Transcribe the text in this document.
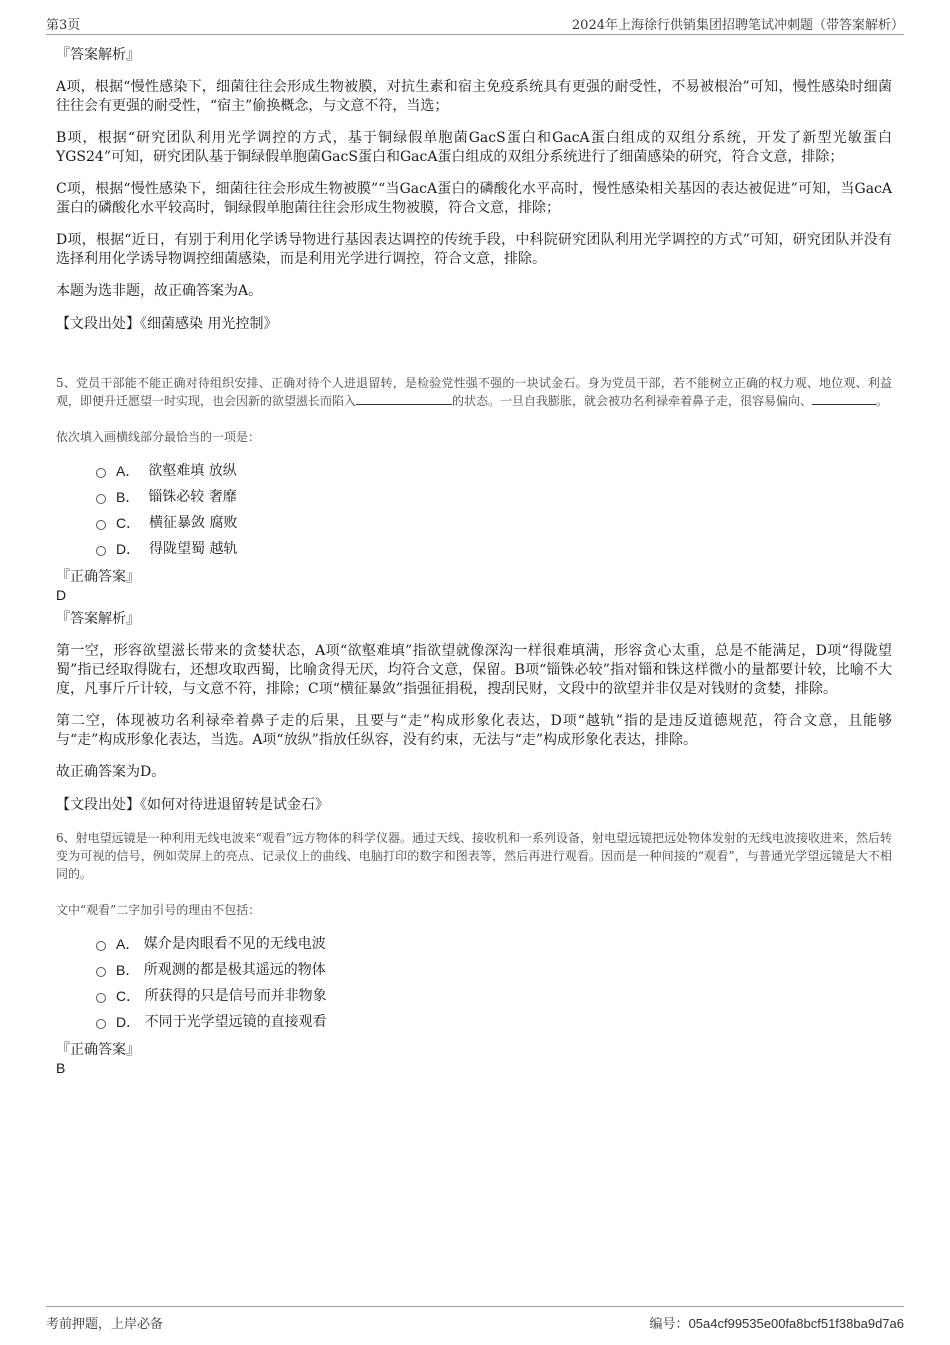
第3页	2024年上海徐行供销集团招聘笔试冲刺题（带答案解析）

『答案解析』

A项，根据“慢性感染下，细菌往往会形成生物被膜，对抗生素和宿主免疫系统具有更强的耐受性，不易被根治”可知，慢性感染时细菌往往会有更强的耐受性，“宿主”偷换概念，与文意不符，当选；

B项，根据“研究团队利用光学调控的方式，基于铜绿假单胞菌GacS蛋白和GacA蛋白组成的双组分系统，开发了新型光敏蛋白YGS24”可知，研究团队基于铜绿假单胞菌GacS蛋白和GacA蛋白组成的双组分系统进行了细菌感染的研究，符合文意，排除；

C项，根据“慢性感染下，细菌往往会形成生物被膜”“当GacA蛋白的磷酸化水平高时，慢性感染相关基因的表达被促进”可知，当GacA蛋白的磷酸化水平较高时，铜绿假单胞菌往往会形成生物被膜，符合文意，排除；

D项，根据“近日，有别于利用化学诱导物进行基因表达调控的传统手段，中科院研究团队利用光学调控的方式”可知，研究团队并没有选择利用化学诱导物调控细菌感染，而是利用光学进行调控，符合文意，排除。

本题为选非题，故正确答案为A。

【文段出处】《细菌感染 用光控制》

5、党员干部能不能正确对待组织安排、正确对待个人进退留转，是检验党性强不强的一块试金石。身为党员干部，若不能树立正确的权力观、地位观、利益观，即便升迁愿望一时实现，也会因新的欲望滋长而陷入	的状态。一旦自我膨胀，就会被功名利禄牵着鼻子走，很容易偏向、	。

依次填入画横线部分最恰当的一项是：

A．
欲壑难填 放纵
B．
锱铢必较 奢靡
C．
横征暴敛 腐败
D．
得陇望蜀 越轨

『正确答案』

D

『答案解析』

第一空，形容欲望滋长带来的贪婪状态，A项“欲壑难填”指欲望就像深沟一样很难填满，形容贪心太重，总是不能满足，D项“得陇望蜀”指已经取得陇右，还想攻取西蜀，比喻贪得无厌，均符合文意，保留。B项“锱铢必较”指对锱和铢这样微小的量都要计较，比喻不大度，凡事斤斤计较，与文意不符，排除；C项“横征暴敛”指强征捐税，搜刮民财，文段中的欲望并非仅是对钱财的贪婪，排除。

第二空，体现被功名利禄牵着鼻子走的后果，且要与“走”构成形象化表达，D项“越轨”指的是违反道德规范，符合文意，且能够与“走”构成形象化表达，当选。A项“放纵”指放任纵容，没有约束，无法与“走”构成形象化表达，排除。

故正确答案为D。

【文段出处】《如何对待进退留转是试金石》

6、射电望远镜是一种利用无线电波来“观看”远方物体的科学仪器。通过天线、接收机和一系列设备，射电望远镜把远处物体发射的无线电波接收进来，然后转变为可视的信号，例如荧屏上的亮点、记录仪上的曲线、电脑打印的数字和图表等，然后再进行观看。因而是一种间接的“观看”，与普通光学望远镜是大不相同的。

文中“观看”二字加引号的理由不包括：

A．
媒介是肉眼看不见的无线电波
B．
所观测的都是极其遥远的物体
C．
所获得的只是信号而并非物象
D．
不同于光学望远镜的直接观看

『正确答案』

B

考前押题，上岸必备	编号：05a4cf99535e00fa8bcf51f38ba9d7a6
